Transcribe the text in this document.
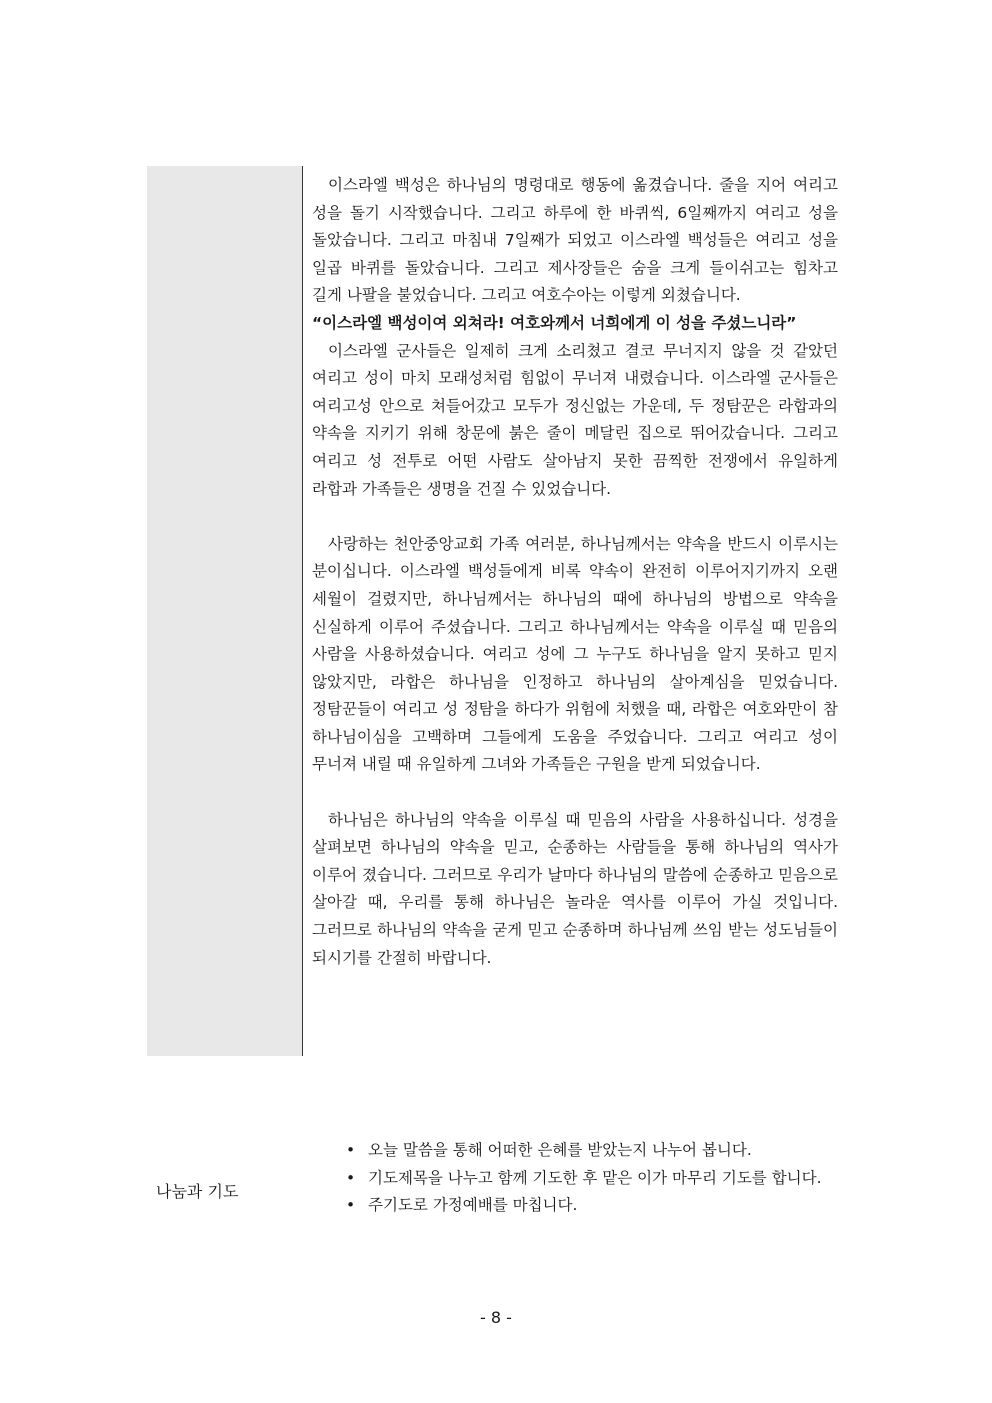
이스라엘 백성은 하나님의 명령대로 행동에 옮겼습니다. 줄을 지어 여리고 성을 돌기 시작했습니다. 그리고 하루에 한 바퀴씩, 6일째까지 여리고 성을 돌았습니다. 그리고 마침내 7일째가 되었고 이스라엘 백성들은 여리고 성을 일곱 바퀴를 돌았습니다. 그리고 제사장들은 숨을 크게 들이쉬고는 힘차고 길게 나팔을 불었습니다. 그리고 여호수아는 이렇게 외쳤습니다.

“이스라엘 백성이여 외쳐라! 여호와께서 너희에게 이 성을 주셨느니라”

이스라엘 군사들은 일제히 크게 소리쳤고 결코 무너지지 않을 것 같았던 여리고 성이 마치 모래성처럼 힘없이 무너져 내렸습니다. 이스라엘 군사들은 여리고성 안으로 쳐들어갔고 모두가 정신없는 가운데, 두 정탐꾼은 라합과의 약속을 지키기 위해 창문에 붉은 줄이 메달린 집으로 뛰어갔습니다. 그리고 여리고 성 전투로 어떤 사람도 살아남지 못한 끔찍한 전쟁에서 유일하게 라합과 가족들은 생명을 건질 수 있었습니다.

사랑하는 천안중앙교회 가족 여러분, 하나님께서는 약속을 반드시 이루시는 분이십니다. 이스라엘 백성들에게 비록 약속이 완전히 이루어지기까지 오랜 세월이 걸렸지만, 하나님께서는 하나님의 때에 하나님의 방법으로 약속을 신실하게 이루어 주셨습니다. 그리고 하나님께서는 약속을 이루실 때 믿음의 사람을 사용하셨습니다. 여리고 성에 그 누구도 하나님을 알지 못하고 믿지 않았지만, 라합은 하나님을 인정하고 하나님의 살아계심을 믿었습니다. 정탐꾼들이 여리고 성 정탐을 하다가 위험에 처했을 때, 라합은 여호와만이 참 하나님이심을 고백하며 그들에게 도움을 주었습니다. 그리고 여리고 성이 무너져 내릴 때 유일하게 그녀와 가족들은 구원을 받게 되었습니다.

하나님은 하나님의 약속을 이루실 때 믿음의 사람을 사용하십니다. 성경을 살펴보면 하나님의 약속을 믿고, 순종하는 사람들을 통해 하나님의 역사가 이루어 졌습니다. 그러므로 우리가 날마다 하나님의 말씀에 순종하고 믿음으로 살아갈 때, 우리를 통해 하나님은 놀라운 역사를 이루어 가실 것입니다. 그러므로 하나님의 약속을 굳게 믿고 순종하며 하나님께 쓰임 받는 성도님들이 되시기를 간절히 바랍니다.

나눔과 기도
• 오늘 말씀을 통해 어떠한 은혜를 받았는지 나누어 봅니다.
• 기도제목을 나누고 함께 기도한 후 맡은 이가 마무리 기도를 합니다.
• 주기도로 가정예배를 마칩니다.
- 8 -
